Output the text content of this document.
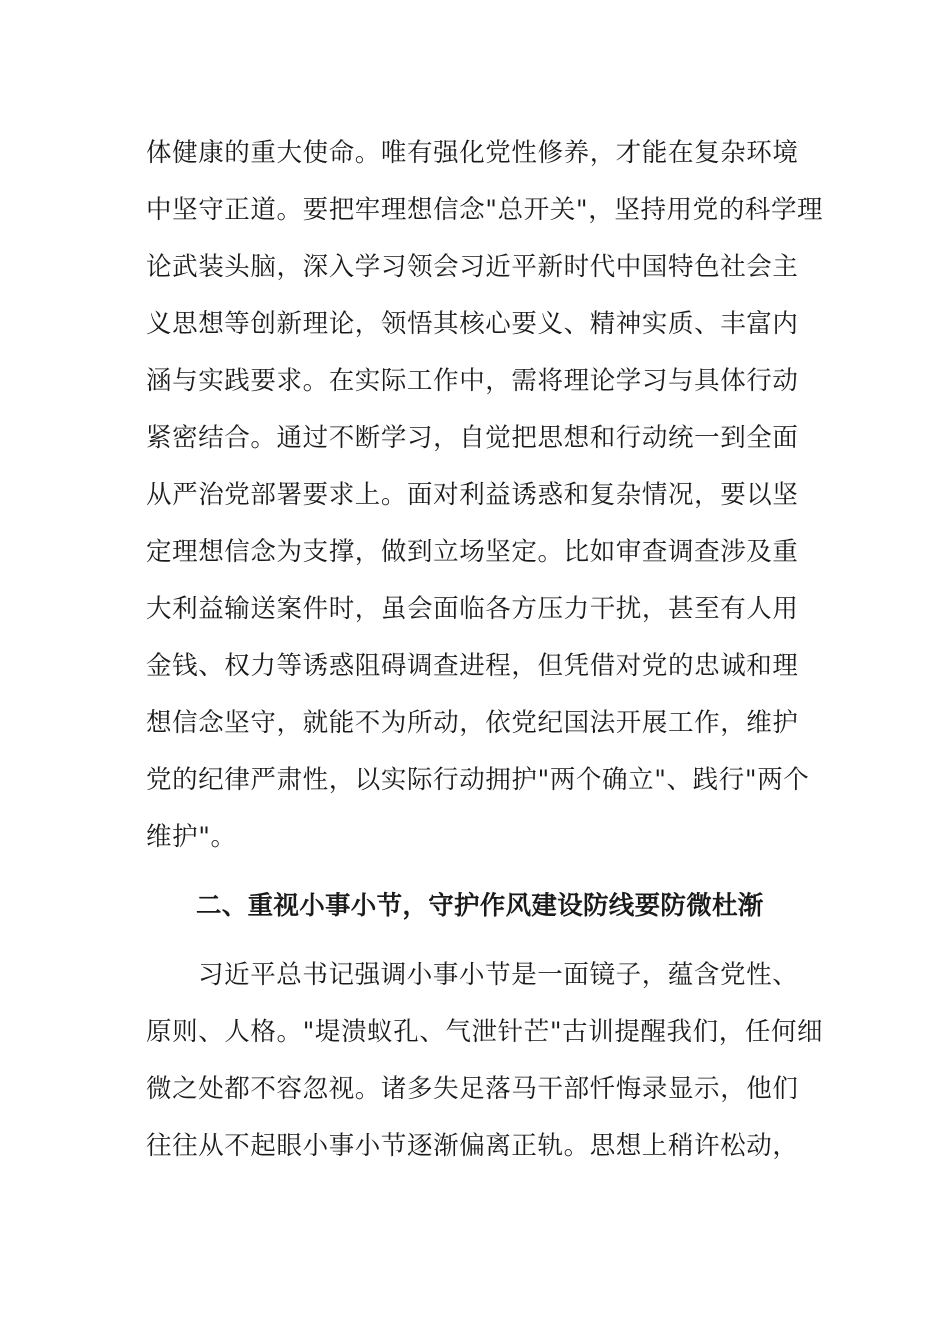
体健康的重大使命。唯有强化党性修养，才能在复杂环境
中坚守正道。要把牢理想信念"总开关"，坚持用党的科学理
论武装头脑，深入学习领会习近平新时代中国特色社会主
义思想等创新理论，领悟其核心要义、精神实质、丰富内
涵与实践要求。在实际工作中，需将理论学习与具体行动
紧密结合。通过不断学习，自觉把思想和行动统一到全面
从严治党部署要求上。面对利益诱惑和复杂情况，要以坚
定理想信念为支撑，做到立场坚定。比如审查调查涉及重
大利益输送案件时，虽会面临各方压力干扰，甚至有人用
金钱、权力等诱惑阻碍调查进程，但凭借对党的忠诚和理
想信念坚守，就能不为所动，依党纪国法开展工作，维护
党的纪律严肃性，以实际行动拥护"两个确立"、践行"两个
维护"。
二、重视小事小节，守护作风建设防线要防微杜渐
习近平总书记强调小事小节是一面镜子，蕴含党性、
原则、人格。"堤溃蚁孔、气泄针芒"古训提醒我们，任何细
微之处都不容忽视。诸多失足落马干部忏悔录显示，他们
往往从不起眼小事小节逐渐偏离正轨。思想上稍许松动，
